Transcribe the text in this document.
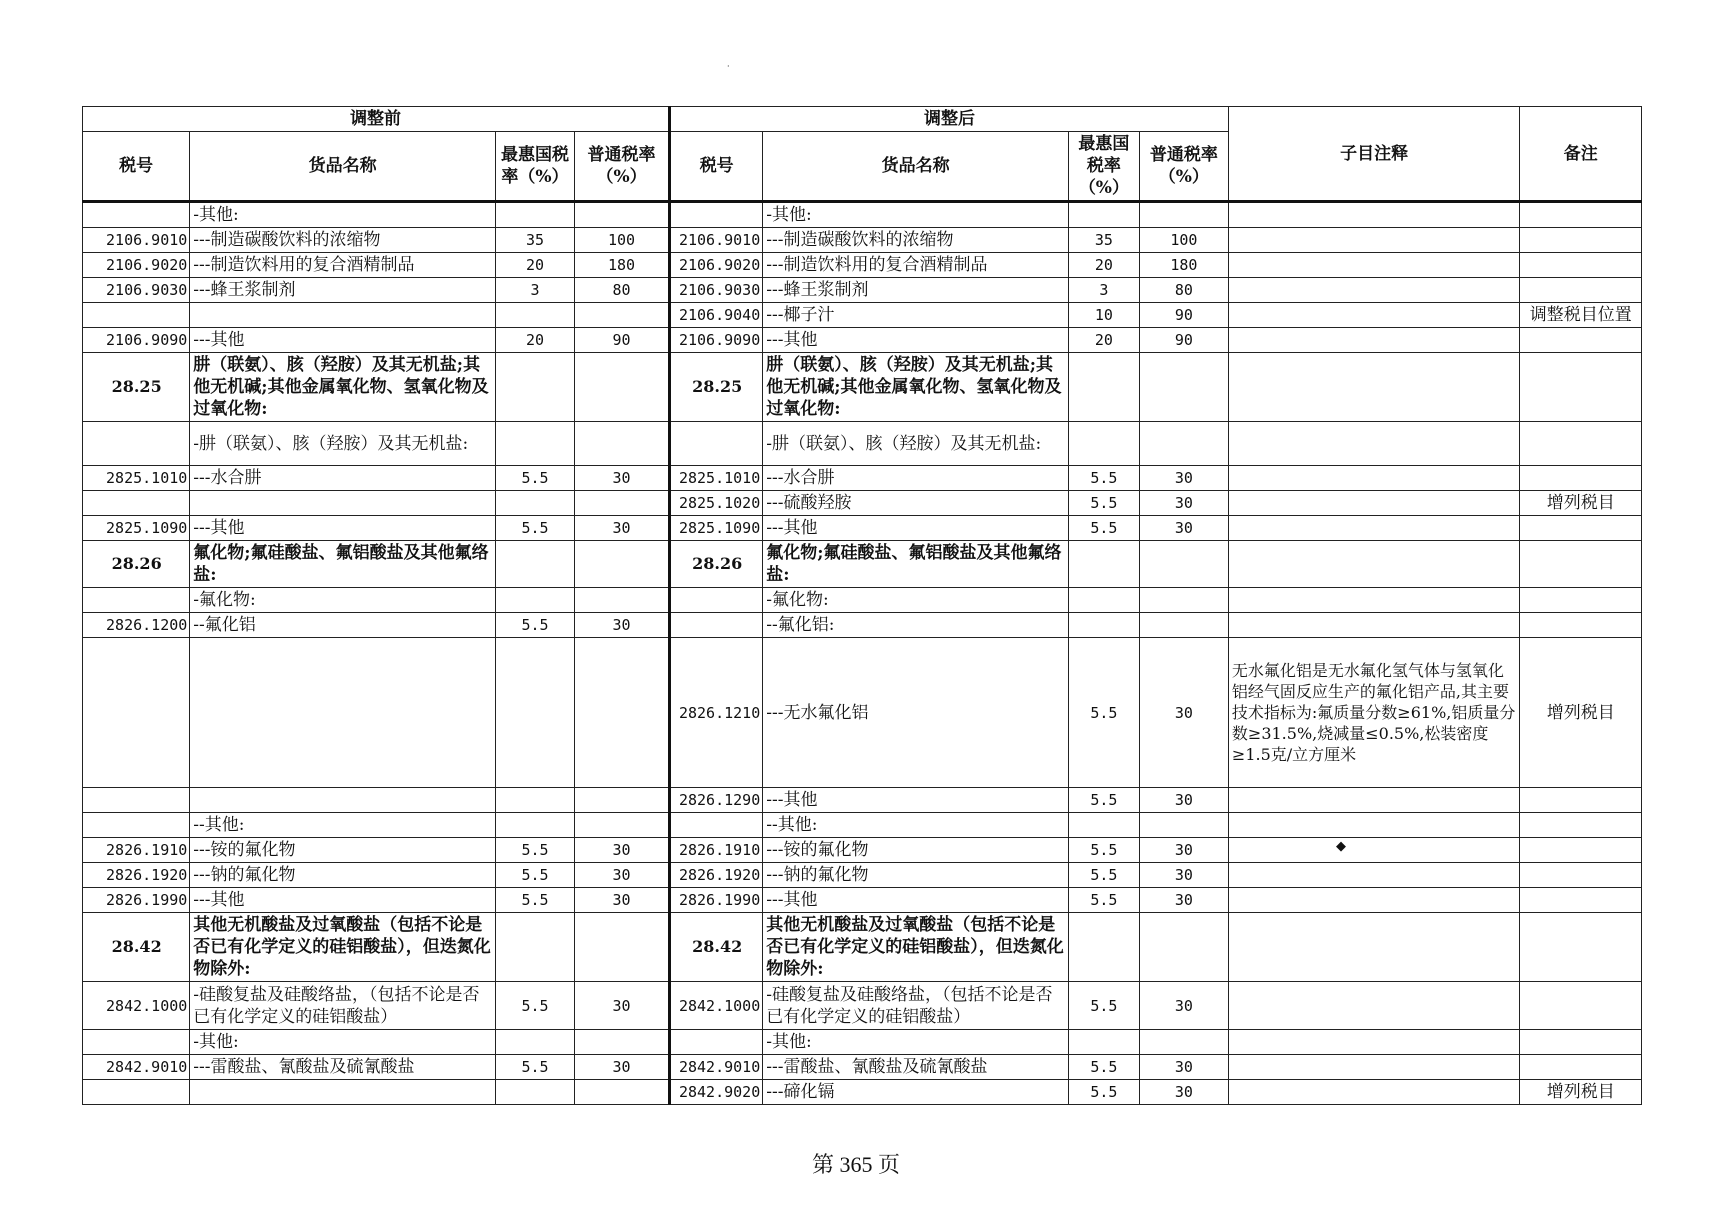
·
调整前				调整后				子目注释	备注
税号	货品名称	最惠国税率（%）	普通税率（%）	税号	货品名称	最惠国税率（%）	普通税率（%）		
	-其他:				-其他:				
2106.9010	---制造碳酸饮料的浓缩物	35	100	2106.9010	---制造碳酸饮料的浓缩物	35	100		
2106.9020	---制造饮料用的复合酒精制品	20	180	2106.9020	---制造饮料用的复合酒精制品	20	180		
2106.9030	---蜂王浆制剂	3	80	2106.9030	---蜂王浆制剂	3	80		
				2106.9040	---椰子汁	10	90		调整税目位置
2106.9090	---其他	20	90	2106.9090	---其他	20	90		
28.25	肼（联氨）、胲（羟胺）及其无机盐;其他无机碱;其他金属氧化物、氢氧化物及过氧化物:			28.25	肼（联氨）、胲（羟胺）及其无机盐;其他无机碱;其他金属氧化物、氢氧化物及过氧化物:				
	-肼（联氨）、胲（羟胺）及其无机盐:				-肼（联氨）、胲（羟胺）及其无机盐:				
2825.1010	---水合肼	5.5	30	2825.1010	---水合肼	5.5	30		
				2825.1020	---硫酸羟胺	5.5	30		增列税目
2825.1090	---其他	5.5	30	2825.1090	---其他	5.5	30		
28.26	氟化物;氟硅酸盐、氟铝酸盐及其他氟络盐:			28.26	氟化物;氟硅酸盐、氟铝酸盐及其他氟络盐:				
	-氟化物:				-氟化物:				
2826.1200	--氟化铝	5.5	30		--氟化铝:				
				2826.1210	---无水氟化铝	5.5	30	无水氟化铝是无水氟化氢气体与氢氧化铝经气固反应生产的氟化铝产品,其主要技术指标为:氟质量分数≥61%,铝质量分数≥31.5%,烧减量≤0.5%,松装密度≥1.5克/立方厘米	增列税目
				2826.1290	---其他	5.5	30		
	--其他:				--其他:				
2826.1910	---铵的氟化物	5.5	30	2826.1910	---铵的氟化物	5.5	30		
2826.1920	---钠的氟化物	5.5	30	2826.1920	---钠的氟化物	5.5	30		
2826.1990	---其他	5.5	30	2826.1990	---其他	5.5	30		
28.42	其他无机酸盐及过氧酸盐（包括不论是否已有化学定义的硅铝酸盐），但迭氮化物除外:			28.42	其他无机酸盐及过氧酸盐（包括不论是否已有化学定义的硅铝酸盐），但迭氮化物除外:				
2842.1000	-硅酸复盐及硅酸络盐，（包括不论是否已有化学定义的硅铝酸盐）	5.5	30	2842.1000	-硅酸复盐及硅酸络盐，（包括不论是否已有化学定义的硅铝酸盐）	5.5	30		
	-其他:				-其他:				
2842.9010	---雷酸盐、氰酸盐及硫氰酸盐	5.5	30	2842.9010	---雷酸盐、氰酸盐及硫氰酸盐	5.5	30		
				2842.9020	---碲化镉	5.5	30		增列税目
◆
第 365 页
